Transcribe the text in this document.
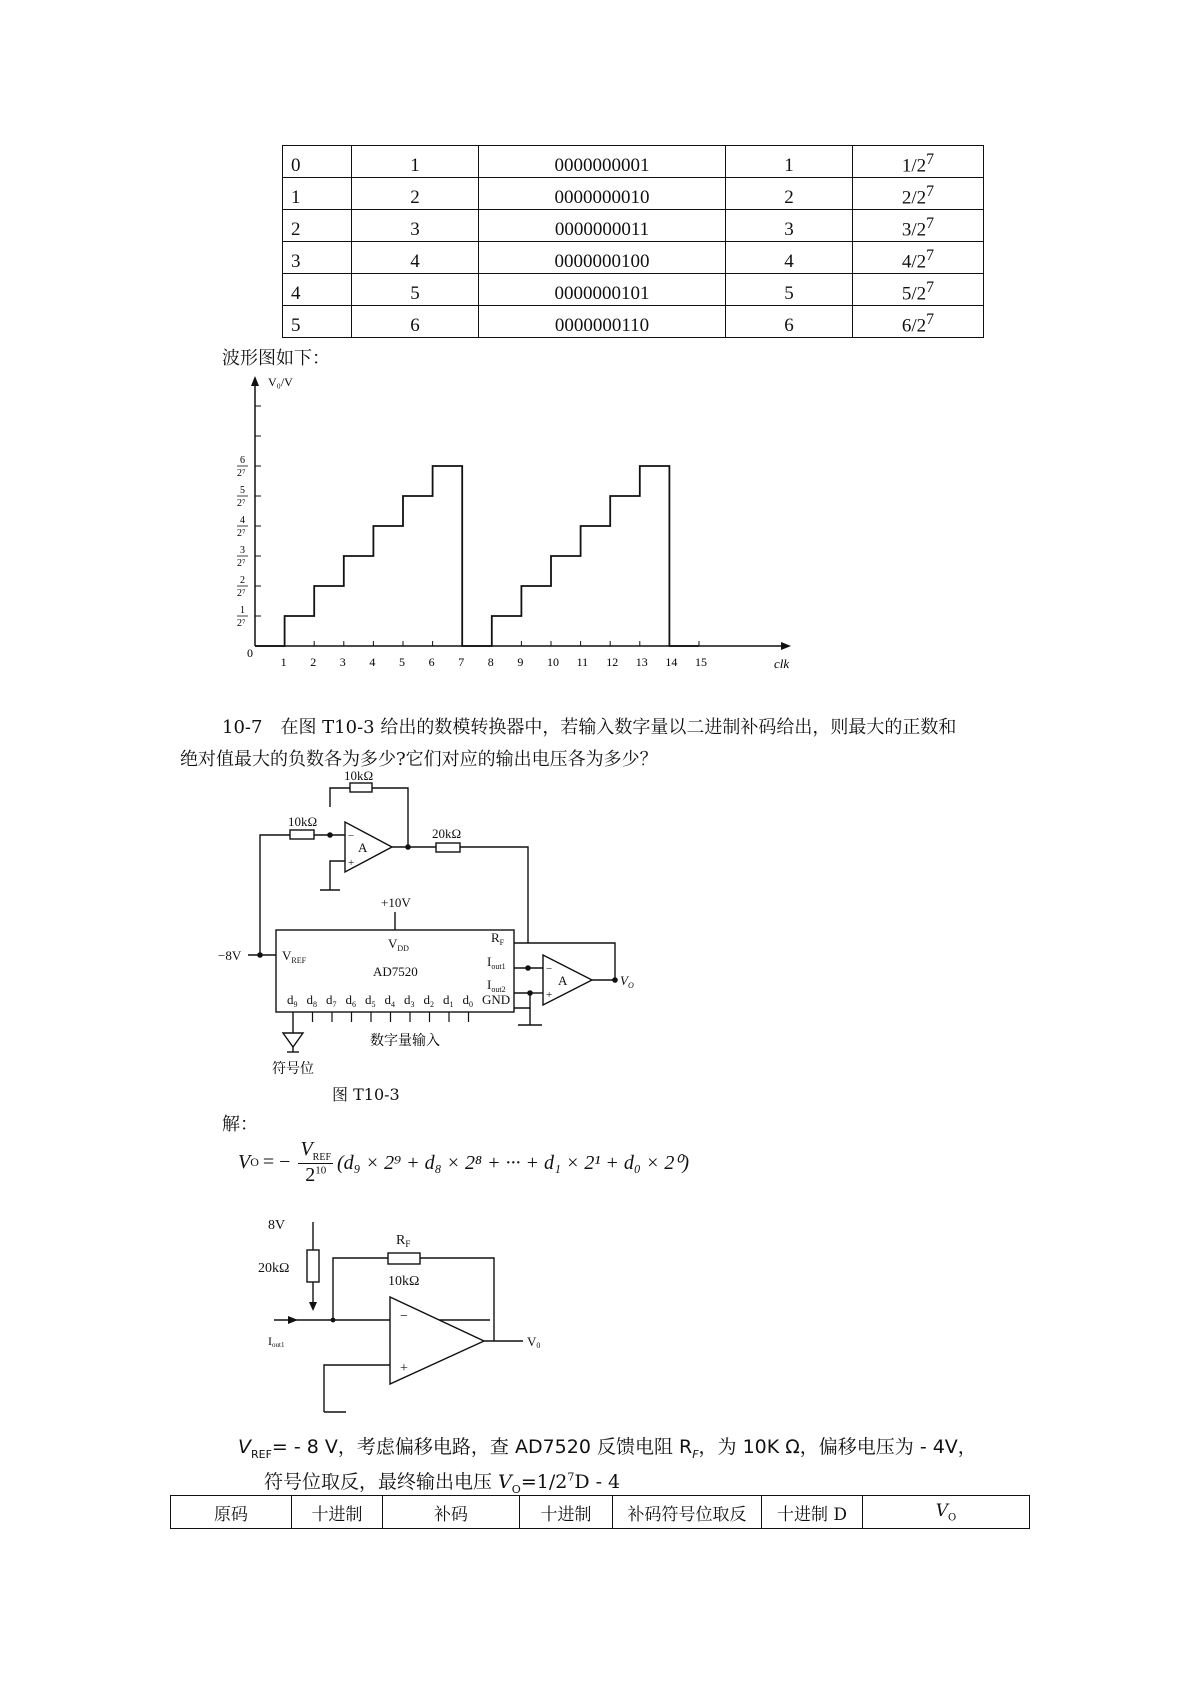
0	1	0000000001	1	$1/2^7$
1	2	0000000010	2	$2/2^7$
2	3	0000000011	3	$3/2^7$
3	4	0000000100	4	$4/2^7$
4	5	0000000101	5	$5/2^7$
5	6	0000000110	6	$6/2^7$
波形图如下：
V₀/V
clk
0
1 2 3 4 5 6 7 8 9 10 11 12 13 14 15
1
2⁷
2
2⁷
3
2⁷
4
2⁷
5
2⁷
6
2⁷
10-7　在图 T10-3 给出的数模转换器中，若输入数字量以二进制补码给出，则最大的正数和
绝对值最大的负数各为多少?它们对应的输出电压各为多少？
10kΩ
10kΩ
20kΩ
A
−
+
+10V
$V_{DD}$
−8V	$V_{REF}$
AD7520
$R_F$
$I_{out1}$
$I_{out2}$
GND
A
−
+
$V_O$
$d_9$ $d_8$ $d_7$ $d_6$ $d_5$ $d_4$ $d_3$ $d_2$ $d_1$ $d_0$
数字量输入
符号位
图 T10-3
解：
V O = −
$V_{REF}$
$2^{10}$ (d₉ × 2⁹ + d₈ × 2⁸ + ··· + d₁ × 2¹ + d₀ × 2⁰)
8V
20kΩ
$R_F$
10kΩ
Iout1
−
+
V0
$V_{REF}= - 8$ V，考虑偏移电路，查 AD7520 反馈电阻 $R_F$，为 10K Ω，偏移电压为 - 4V，
符号位取反，最终输出电压 $V_O=1/2^7D - 4$
原码	十进制	补码	十进制	补码符号位取反	十进制 D	$V_O$
